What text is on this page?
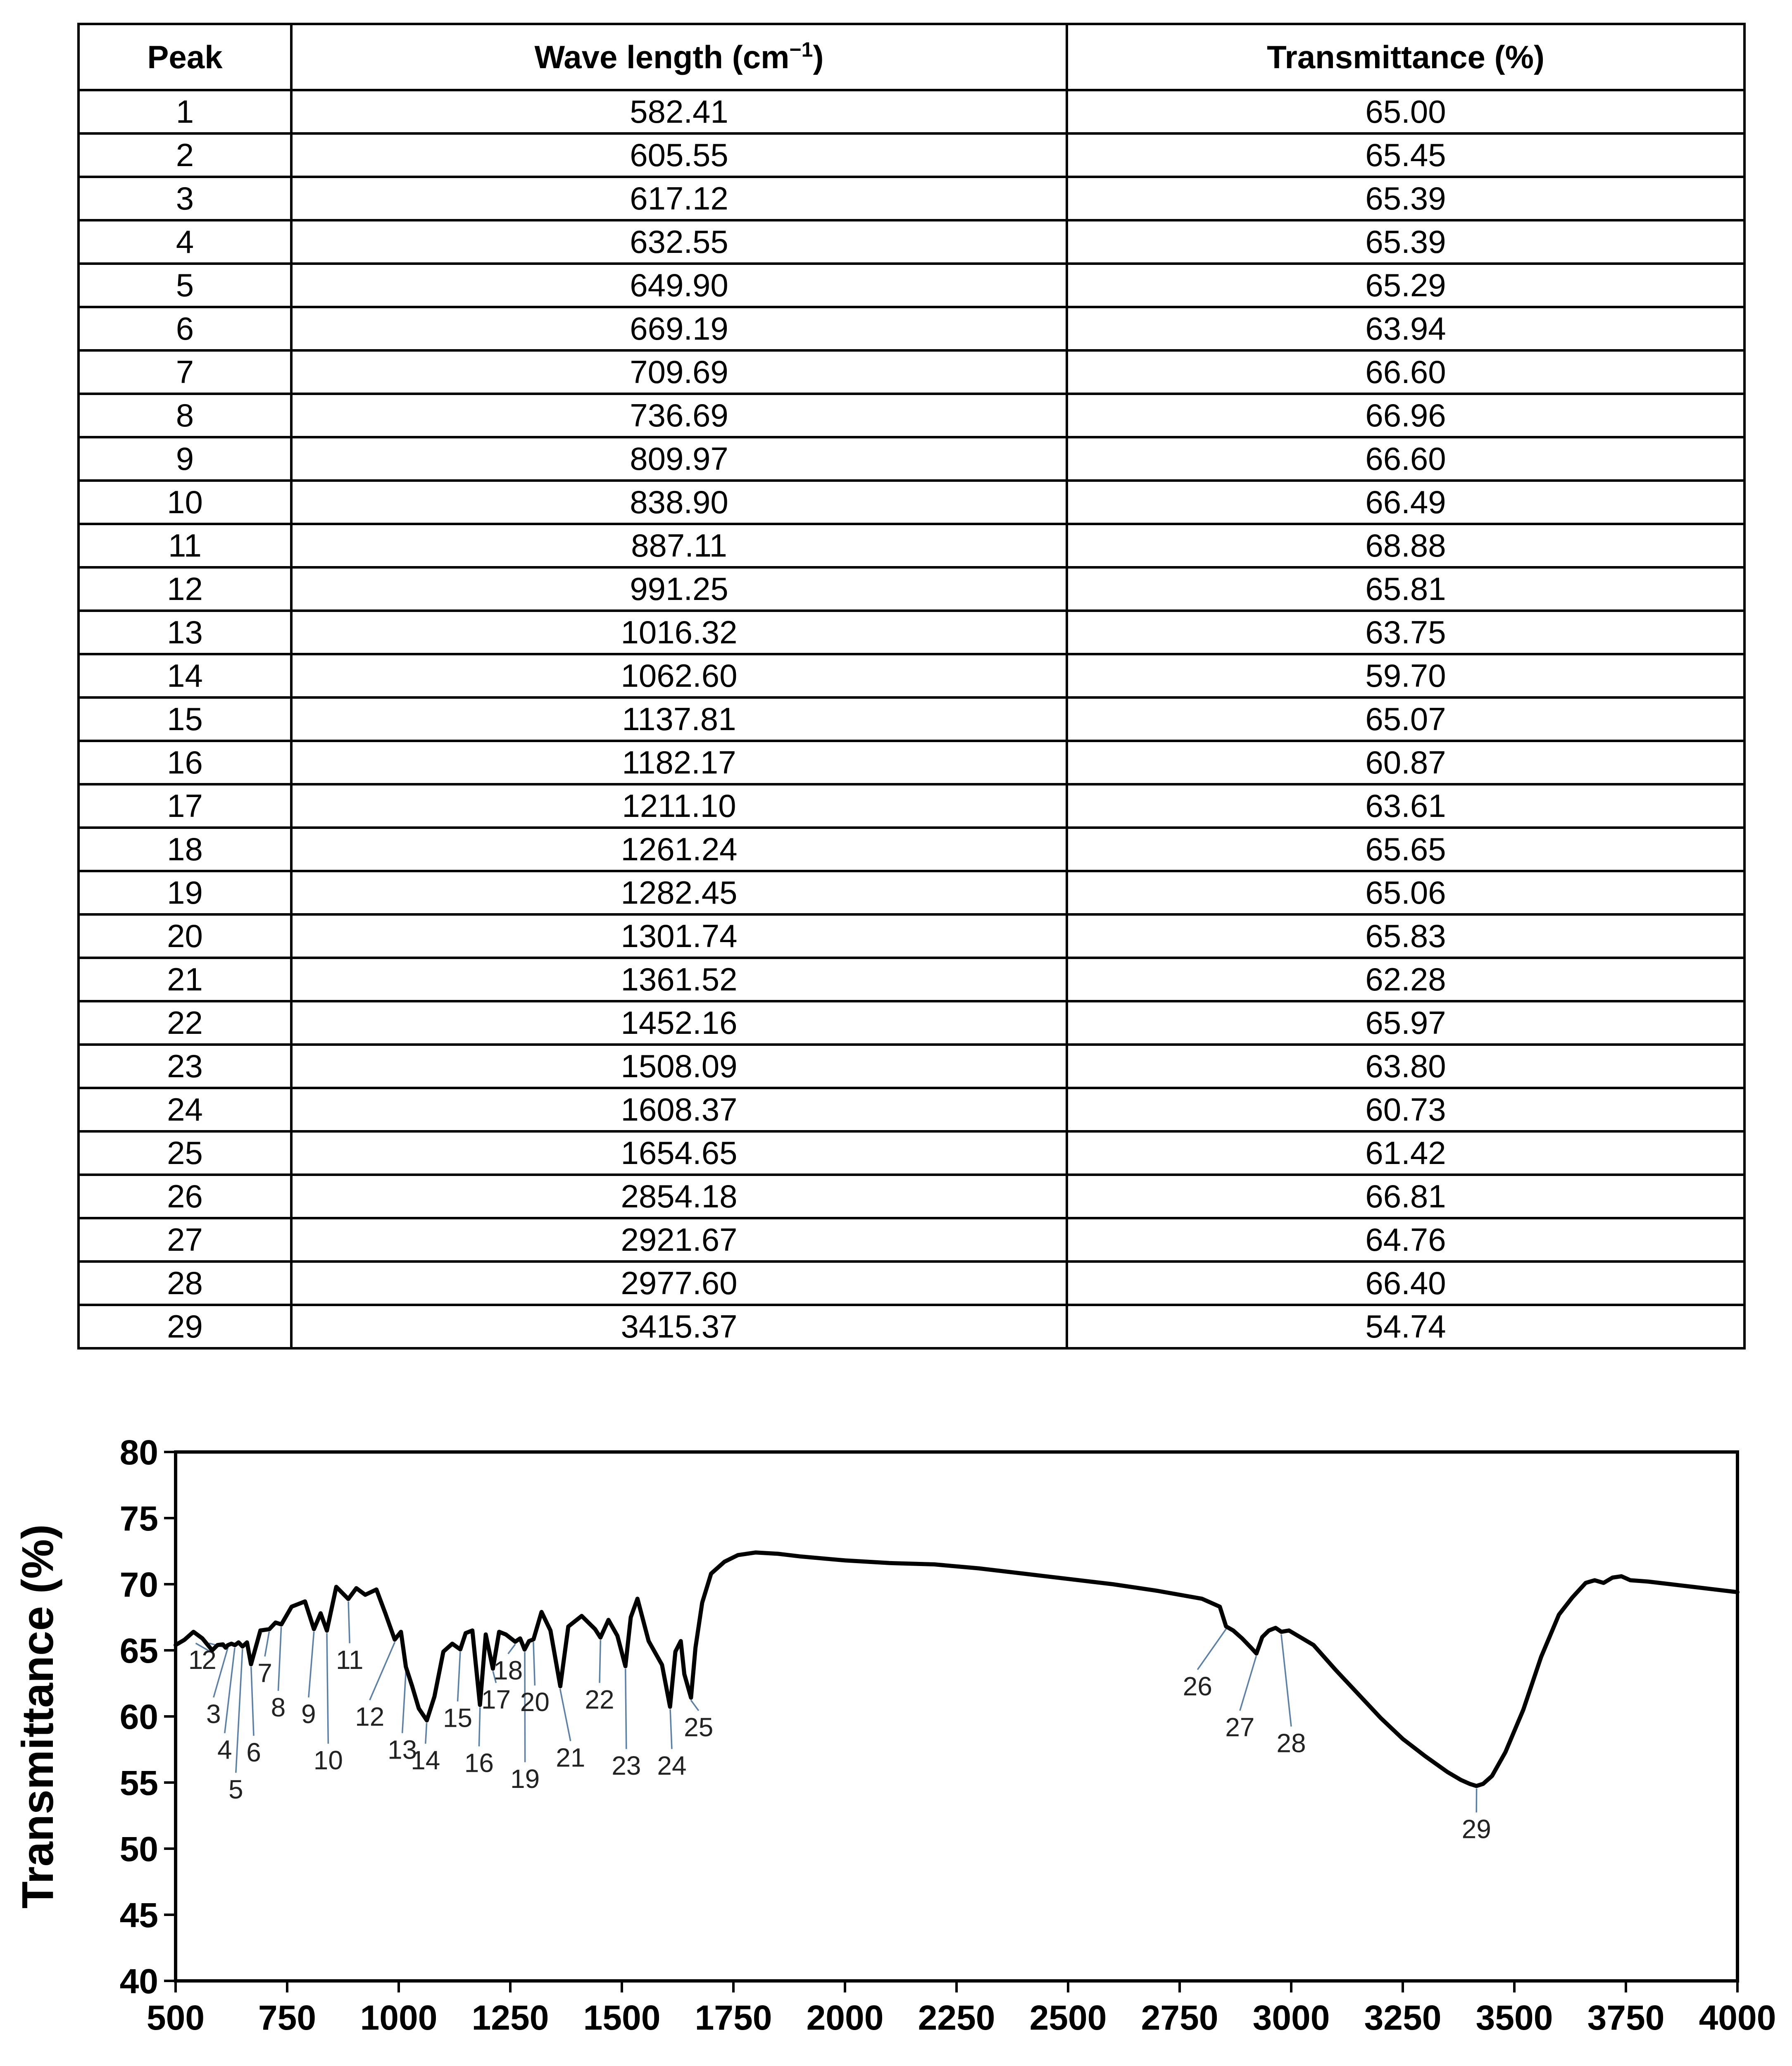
Peak	Wave length $(cm^{-1})$	Transmittance (%)
1	582.41	65.00
2	605.55	65.45
3	617.12	65.39
4	632.55	65.39
5	649.90	65.29
6	669.19	63.94
7	709.69	66.60
8	736.69	66.96
9	809.97	66.60
10	838.90	66.49
11	887.11	68.88
12	991.25	65.81
13	1016.32	63.75
14	1062.60	59.70
15	1137.81	65.07
16	1182.17	60.87
17	1211.10	63.61
18	1261.24	65.65
19	1282.45	65.06
20	1301.74	65.83
21	1361.52	62.28
22	1452.16	65.97
23	1508.09	63.80
24	1608.37	60.73
25	1654.65	61.42
26	2854.18	66.81
27	2921.67	64.76
28	2977.60	66.40
29	3415.37	54.74
1
2
3
4
5
6
7
8 9
10
11
12
13
14
15
16
17
18
19
20
21
22
23 24
25
26
27
28
29
500 750 1000 1250 1500 1750 2000 2250 2500 2750 3000 3250 3500 3750 4000
40
45
50
55
60
65
70
75
80
Transmittance (%)
